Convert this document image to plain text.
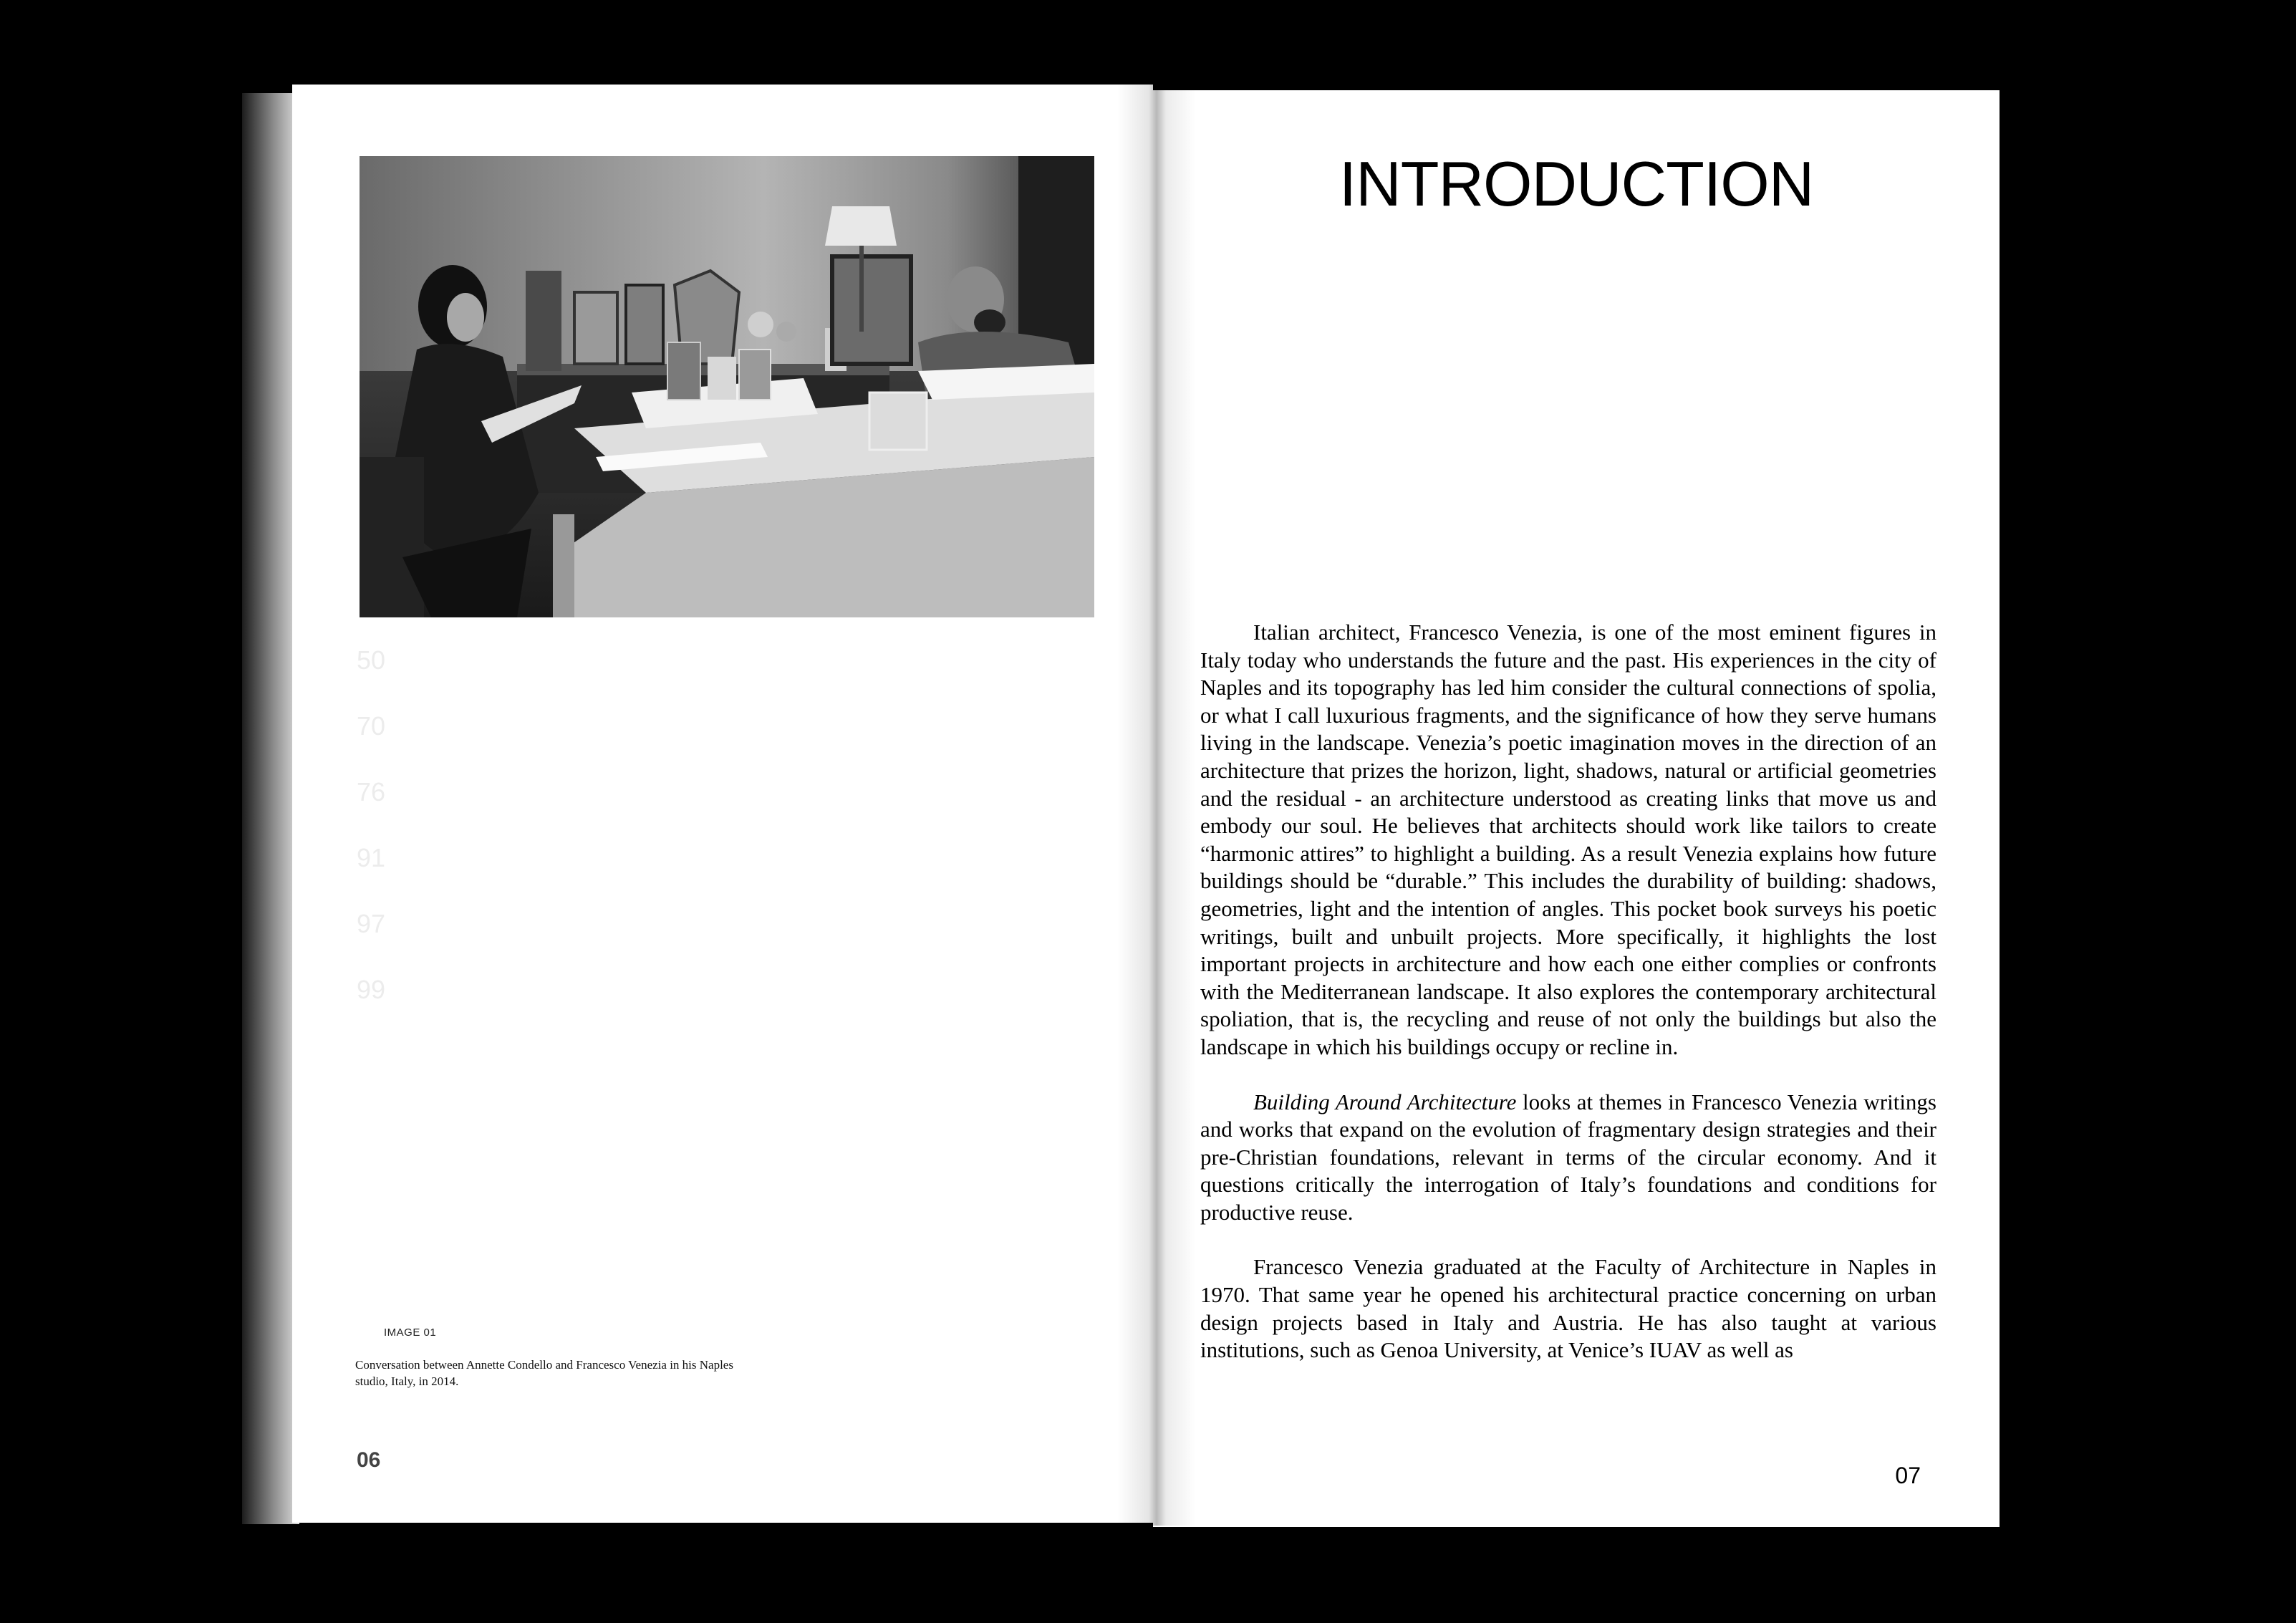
50
70
76
91
97
99
IMAGE 01
Conversation between Annette Condello and Francesco Venezia in his Naples studio, Italy, in 2014.
06
INTRODUCTION

Italian architect, Francesco Venezia, is one of the most eminent figures in Italy today who understands the future and the past. His experiences in the city of Naples and its topography has led him consider the cultural connections of spolia, or what I call luxurious fragments, and the significance of how they serve humans living in the landscape. Venezia’s poetic imagination moves in the direction of an architecture that prizes the horizon, light, shadows, natural or artificial geometries and the residual - an architecture understood as creating links that move us and embody our soul. He believes that architects should work like tailors to create “harmonic attires” to highlight a building. As a result Venezia explains how future buildings should be “durable.” This includes the durability of building: shadows, geometries, light and the intention of angles. This pocket book surveys his poetic writings, built and unbuilt projects. More specifically, it highlights the lost important projects in architecture and how each one either complies or confronts with the Mediterranean landscape. It also explores the contemporary architectural spoliation, that is, the recycling and reuse of not only the buildings but also the landscape in which his buildings occupy or recline in.

Building Around Architecture looks at themes in Francesco Venezia writings and works that expand on the evolution of fragmentary design strategies and their pre-Christian foundations, relevant in terms of the circular economy. And it questions critically the interrogation of Italy’s foundations and conditions for productive reuse.

Francesco Venezia graduated at the Faculty of Architecture in Naples in 1970. That same year he opened his architectural practice concerning on urban design projects based in Italy and Austria. He has also taught at various institutions, such as Genoa University, at Venice’s IUAV as well as

07
